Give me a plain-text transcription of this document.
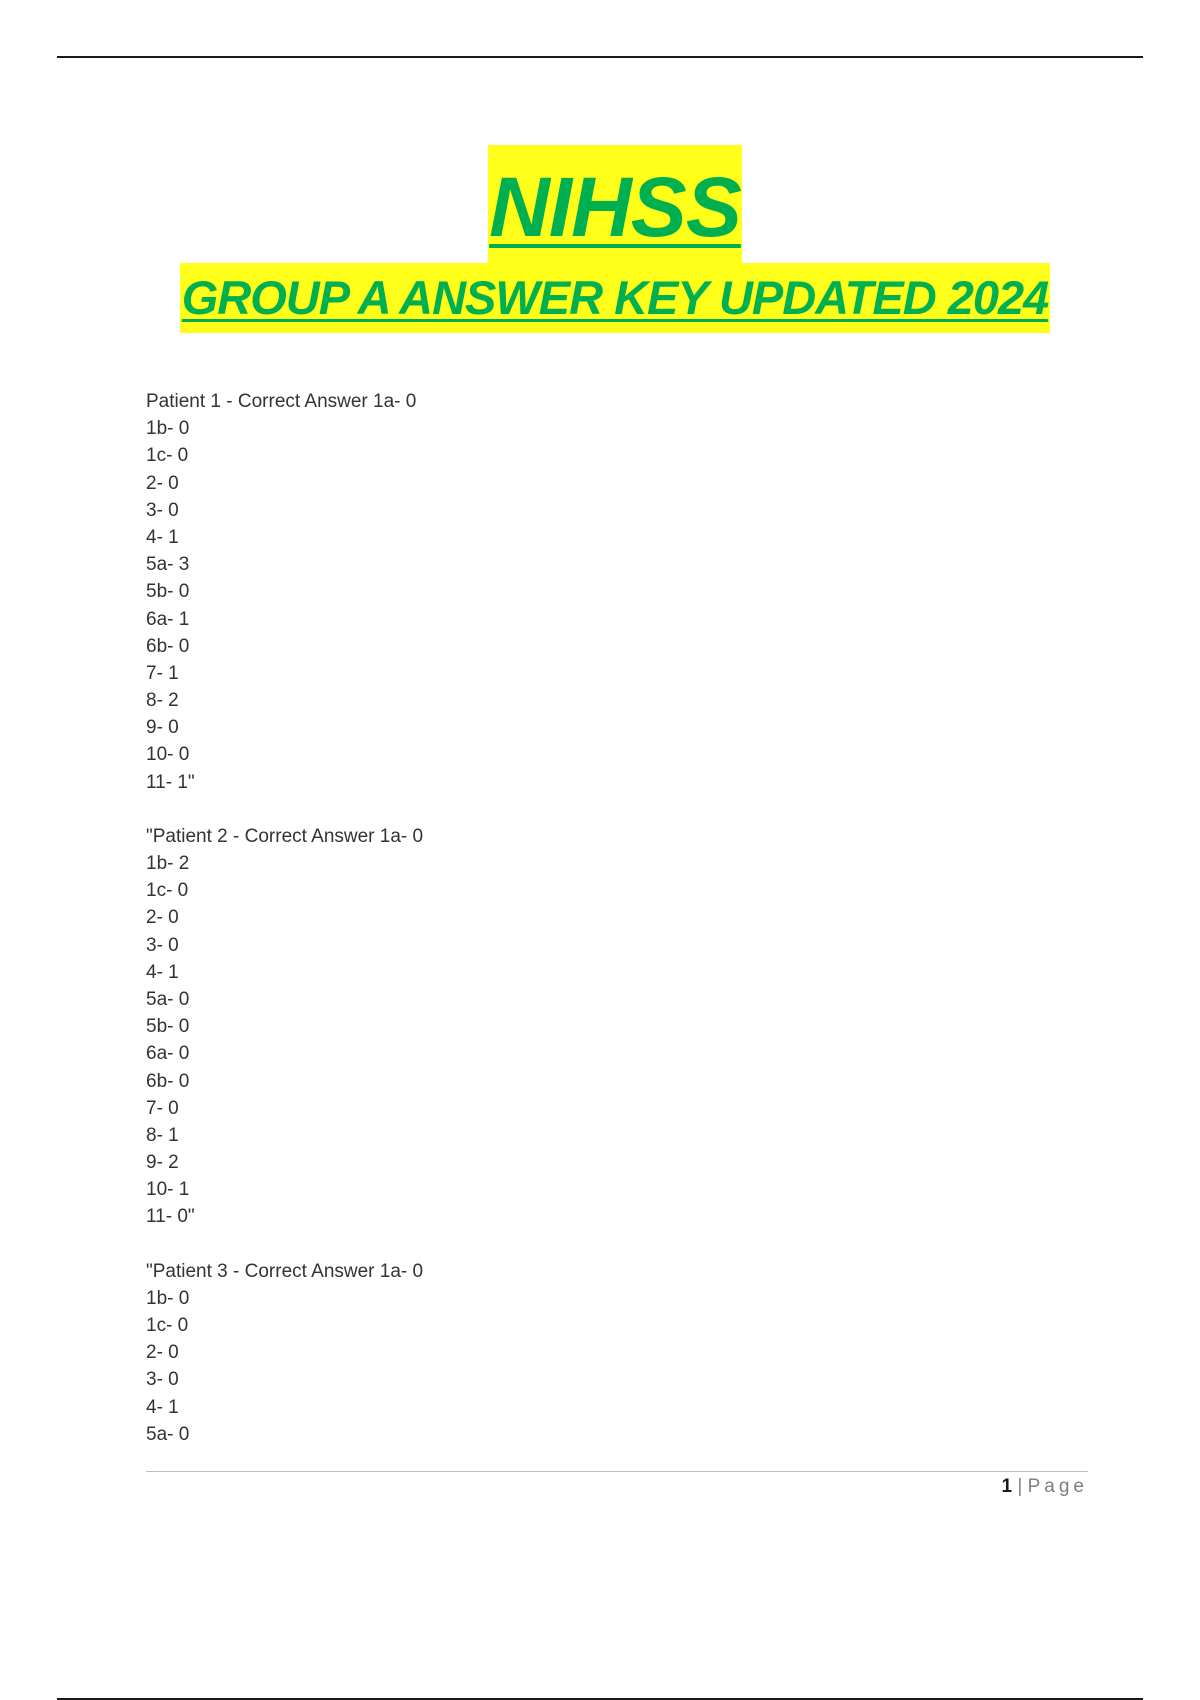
NIHSS
GROUP A ANSWER KEY UPDATED 2024
Patient 1 - Correct Answer 1a- 0
1b- 0
1c- 0
2- 0
3- 0
4- 1
5a- 3
5b- 0
6a- 1
6b- 0
7- 1
8- 2
9- 0
10- 0
11- 1"
"Patient 2 - Correct Answer 1a- 0
1b- 2
1c- 0
2- 0
3- 0
4- 1
5a- 0
5b- 0
6a- 0
6b- 0
7- 0
8- 1
9- 2
10- 1
11- 0"
"Patient 3 - Correct Answer 1a- 0
1b- 0
1c- 0
2- 0
3- 0
4- 1
5a- 0
1 | Page
